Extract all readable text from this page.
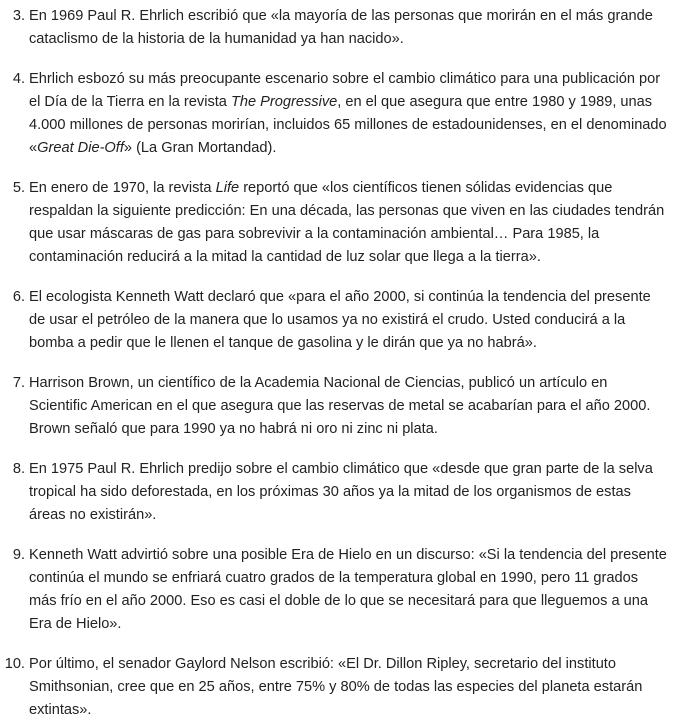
3. En 1969 Paul R. Ehrlich escribió que «la mayoría de las personas que morirán en el más grande cataclismo de la historia de la humanidad ya han nacido».
4. Ehrlich esbozó su más preocupante escenario sobre el cambio climático para una publicación por el Día de la Tierra en la revista The Progressive, en el que asegura que entre 1980 y 1989, unas 4.000 millones de personas morirían, incluidos 65 millones de estadounidenses, en el denominado «Great Die-Off» (La Gran Mortandad).
5. En enero de 1970, la revista Life reportó que «los científicos tienen sólidas evidencias que respaldan la siguiente predicción: En una década, las personas que viven en las ciudades tendrán que usar máscaras de gas para sobrevivir a la contaminación ambiental… Para 1985, la contaminación reducirá a la mitad la cantidad de luz solar que llega a la tierra».
6. El ecologista Kenneth Watt declaró que «para el año 2000, si continúa la tendencia del presente de usar el petróleo de la manera que lo usamos ya no existirá el crudo. Usted conducirá a la bomba a pedir que le llenen el tanque de gasolina y le dirán que ya no habrá».
7. Harrison Brown, un científico de la Academia Nacional de Ciencias, publicó un artículo en Scientific American en el que asegura que las reservas de metal se acabarían para el año 2000. Brown señaló que para 1990 ya no habrá ni oro ni zinc ni plata.
8. En 1975 Paul R. Ehrlich predijo sobre el cambio climático que «desde que gran parte de la selva tropical ha sido deforestada, en los próximas 30 años ya la mitad de los organismos de estas áreas no existirán».
9. Kenneth Watt advirtió sobre una posible Era de Hielo en un discurso: «Si la tendencia del presente continúa el mundo se enfriará cuatro grados de la temperatura global en 1990, pero 11 grados más frío en el año 2000. Eso es casi el doble de lo que se necesitará para que lleguemos a una Era de Hielo».
10. Por último, el senador Gaylord Nelson escribió: «El Dr. Dillon Ripley, secretario del instituto Smithsonian, cree que en 25 años, entre 75% y 80% de todas las especies del planeta estarán extintas».
